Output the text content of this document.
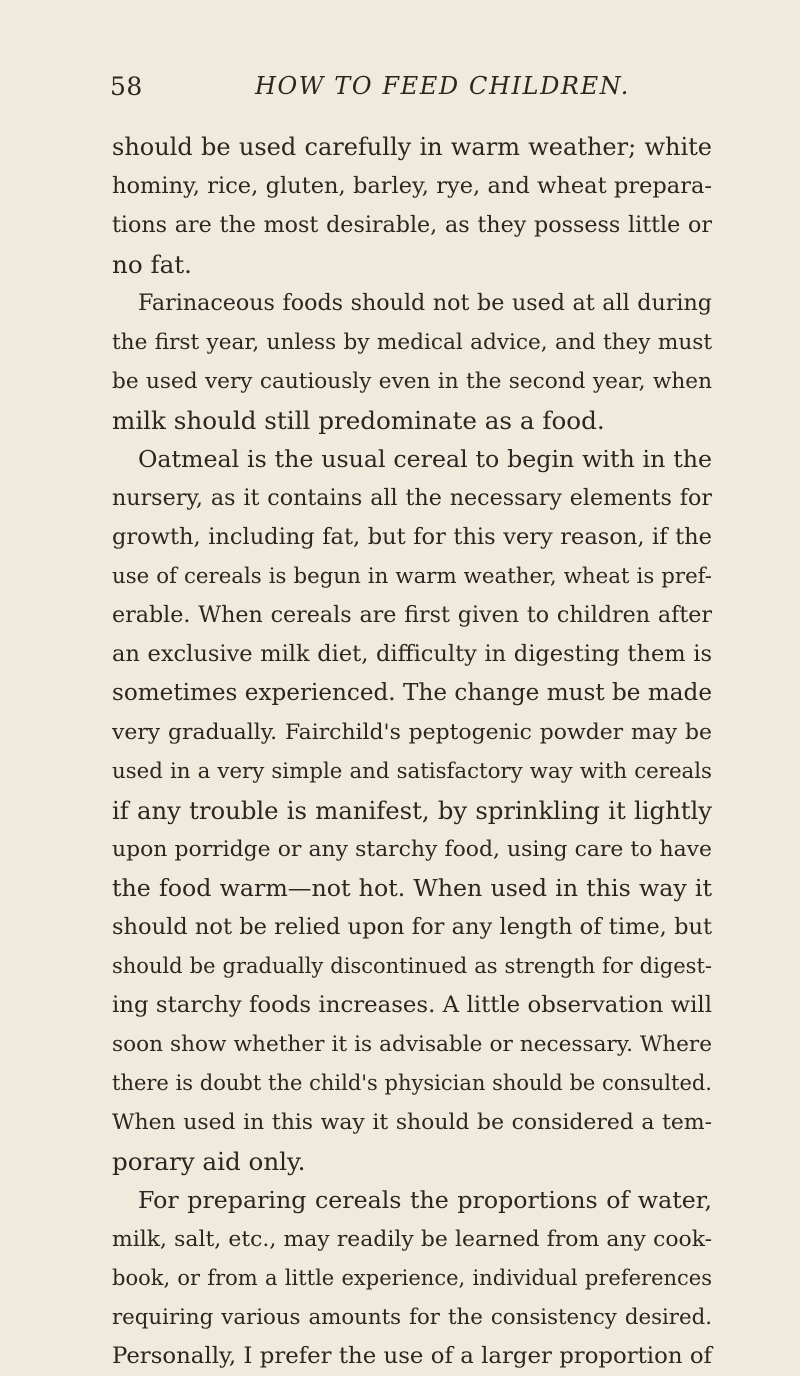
58	HOW TO FEED CHILDREN.
should be used carefully in warm weather; white
hominy, rice, gluten, barley, rye, and wheat prepara-
tions are the most desirable, as they possess little or
no fat.
Farinaceous foods should not be used at all during
the first year, unless by medical advice, and they must
be used very cautiously even in the second year, when
milk should still predominate as a food.
Oatmeal is the usual cereal to begin with in the
nursery, as it contains all the necessary elements for
growth, including fat, but for this very reason, if the
use of cereals is begun in warm weather, wheat is pref-
erable. When cereals are first given to children after
an exclusive milk diet, difficulty in digesting them is
sometimes experienced. The change must be made
very gradually. Fairchild's peptogenic powder may be
used in a very simple and satisfactory way with cereals
if any trouble is manifest, by sprinkling it lightly
upon porridge or any starchy food, using care to have
the food warm—not hot. When used in this way it
should not be relied upon for any length of time, but
should be gradually discontinued as strength for digest-
ing starchy foods increases. A little observation will
soon show whether it is advisable or necessary. Where
there is doubt the child's physician should be consulted.
When used in this way it should be considered a tem-
porary aid only.
For preparing cereals the proportions of water,
milk, salt, etc., may readily be learned from any cook-
book, or from a little experience, individual preferences
requiring various amounts for the consistency desired.
Personally, I prefer the use of a larger proportion of
